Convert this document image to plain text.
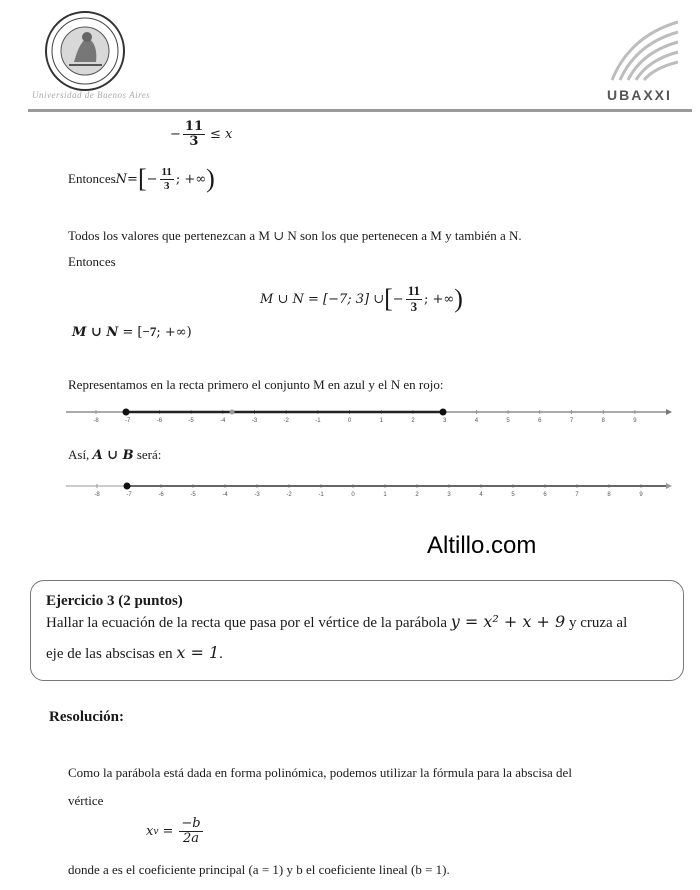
Universidad de Buenos Aires	UBAXXI
− $\frac{11}{3} \le x$
Entonces N = [ − $\frac{11}{3}$ ; +∞ )
Todos los valores que pertenezcan a M ∪ N son los que pertenecen a M y también a N.
Entonces
M ∪ N = [−7; 3] ∪ [ − $\frac{11}{3}$ ; +∞ )
M ∪ N = [−7; +∞)
Representamos en la recta primero el conjunto M en azul y el N en rojo:
-8	-7	-6	-5	-4	-3	-2	-1	0	1	2	3	4	5	6	7	8	9
Así, A ∪ B será:
-8	-7	-6	-5	-4	-3	-2	-1	0	1	2	3	4	5	6	7	8	9
Altillo.com
Ejercicio 3 (2 puntos)
Hallar la ecuación de la recta que pasa por el vértice de la parábola y = x² + x + 9 y cruza al
eje de las abscisas en x = 1.
Resolución:
Como la parábola está dada en forma polinómica, podemos utilizar la fórmula para la abscisa del
vértice
x $v = \frac{-b}{2a}$
donde a es el coeficiente principal (a = 1) y b el coeficiente lineal (b = 1).
